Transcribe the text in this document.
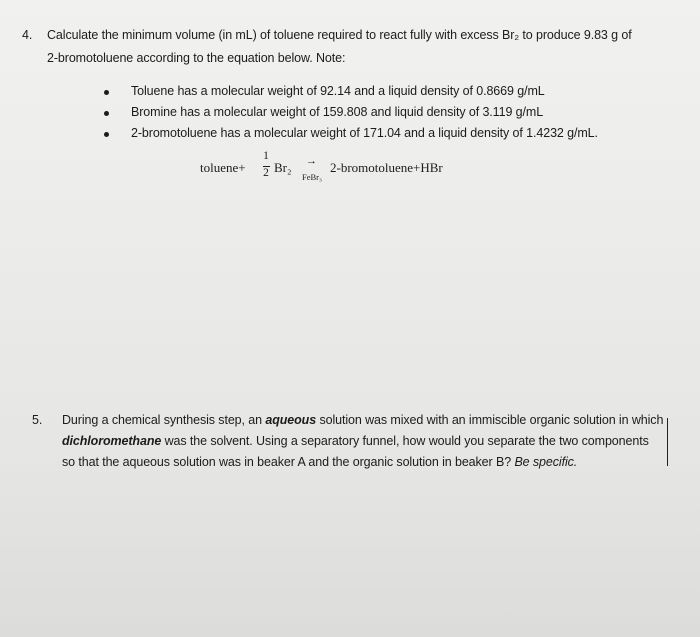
4. Calculate the minimum volume (in mL) of toluene required to react fully with excess Br₂ to produce 9.83 g of
2-bromotoluene according to the equation below. Note:
Toluene has a molecular weight of 92.14 and a liquid density of 0.8669 g/mL
Bromine has a molecular weight of 159.808 and liquid density of 3.119 g/mL
2-bromotoluene has a molecular weight of 171.04 and a liquid density of 1.4232 g/mL.
toluene+
1
2 Br₂ →
FeBr₃
2-bromotoluene+HBr
5. During a chemical synthesis step, an aqueous solution was mixed with an immiscible organic solution in which
dichloromethane was the solvent. Using a separatory funnel, how would you separate the two components
so that the aqueous solution was in beaker A and the organic solution in beaker B? Be specific.
